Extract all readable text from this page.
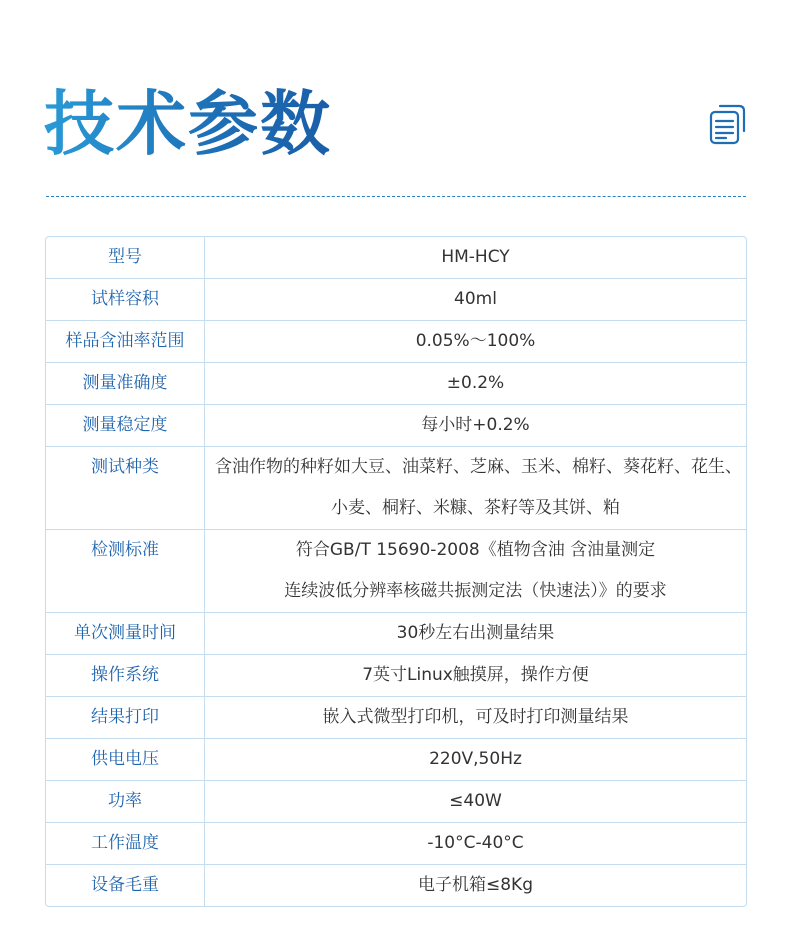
技术参数
型号	HM-HCY

试样容积	40ml

样品含油率范围	0.05%～100%

测量准确度	±0.2%

测量稳定度	每小时+0.2%

测试种类	含油作物的种籽如大豆、油菜籽、芝麻、玉米、棉籽、葵花籽、花生、
小麦、桐籽、米糠、茶籽等及其饼、粕

检测标准	符合GB/T 15690-2008《植物含油 含油量测定
连续波低分辨率核磁共振测定法（快速法）》的要求

单次测量时间	30秒左右出测量结果

操作系统	7英寸Linux触摸屏，操作方便

结果打印	嵌入式微型打印机，可及时打印测量结果

供电电压	220V,50Hz

功率	≤40W

工作温度	-10°C-40°C

设备毛重	电子机箱≤8Kg
